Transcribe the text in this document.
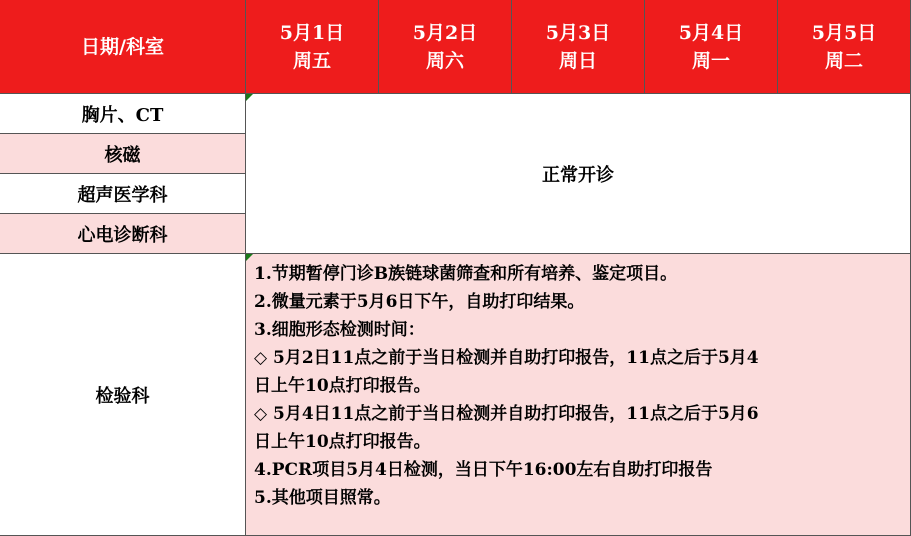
日期/科室
5月1日
周五
5月2日
周六
5月3日
周日
5月4日
周一
5月5日
周二
胸片、CT
核磁
超声医学科
心电诊断科
检验科
正常开诊
1.节期暂停门诊B族链球菌筛查和所有培养、鉴定项目。
2.微量元素于5月6日下午，自助打印结果。
3.细胞形态检测时间：
◇ 5月2日11点之前于当日检测并自助打印报告，11点之后于5月4
日上午10点打印报告。
◇ 5月4日11点之前于当日检测并自助打印报告，11点之后于5月6
日上午10点打印报告。
4.PCR项目5月4日检测，当日下午16:00左右自助打印报告
5.其他项目照常。
